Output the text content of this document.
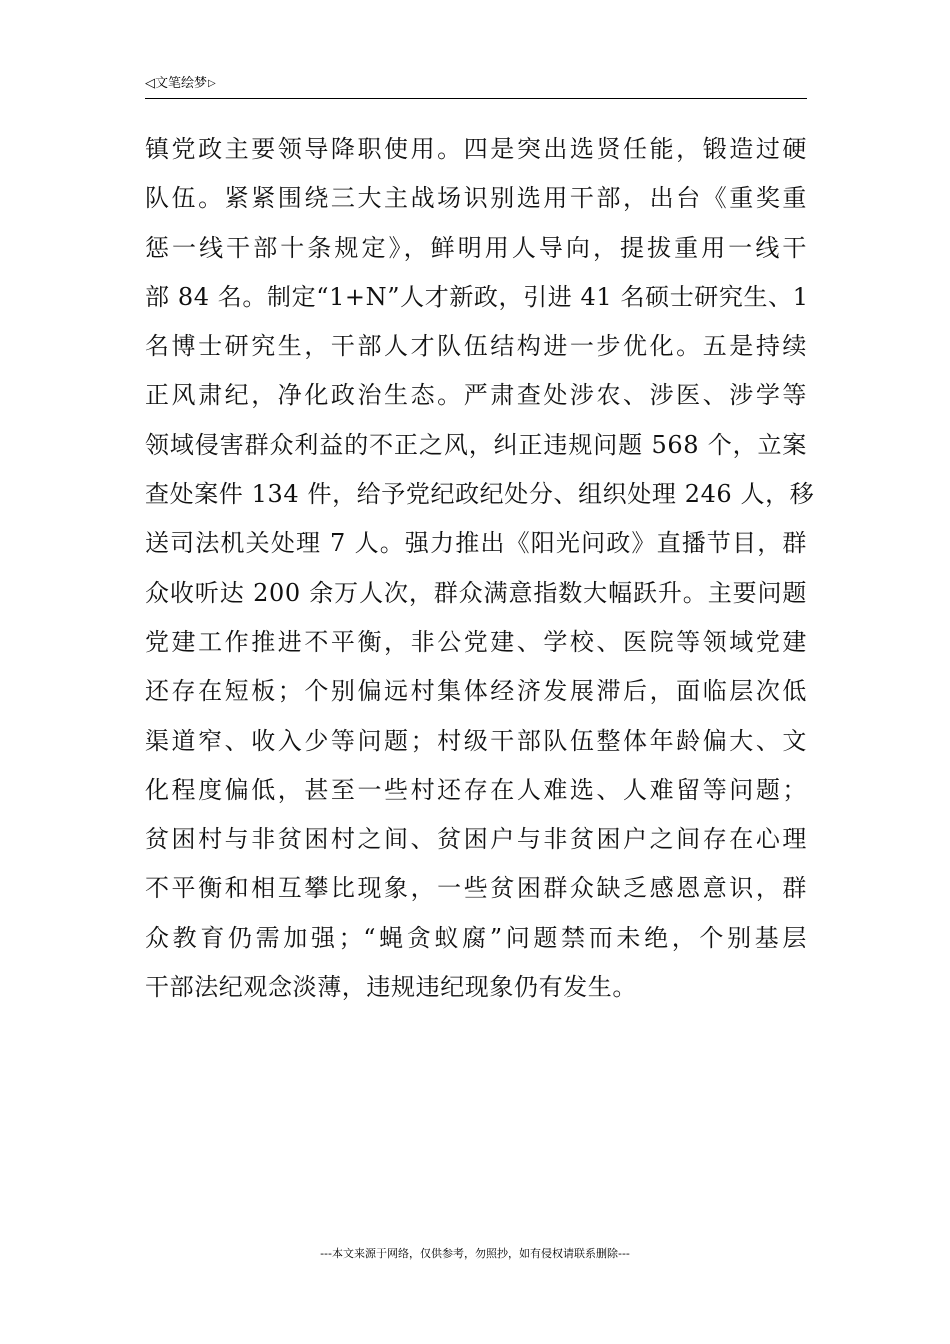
◁文笔绘梦▷
镇党政主要领导降职使用。四是突出选贤任能，锻造过硬
队伍。紧紧围绕三大主战场识别选用干部，出台《重奖重
惩一线干部十条规定》，鲜明用人导向，提拔重用一线干
部 84 名。制定“1+N”人才新政，引进 41 名硕士研究生、1
名博士研究生，干部人才队伍结构进一步优化。五是持续
正风肃纪，净化政治生态。严肃查处涉农、涉医、涉学等
领域侵害群众利益的不正之风，纠正违规问题 568 个，立案
查处案件 134 件，给予党纪政纪处分、组织处理 246 人，移
送司法机关处理 7 人。强力推出《阳光问政》直播节目，群
众收听达 200 余万人次，群众满意指数大幅跃升。主要问题
党建工作推进不平衡，非公党建、学校、医院等领域党建
还存在短板；个别偏远村集体经济发展滞后，面临层次低
渠道窄、收入少等问题；村级干部队伍整体年龄偏大、文
化程度偏低，甚至一些村还存在人难选、人难留等问题；
贫困村与非贫困村之间、贫困户与非贫困户之间存在心理
不平衡和相互攀比现象，一些贫困群众缺乏感恩意识，群
众教育仍需加强；“蝇贪蚁腐”问题禁而未绝，个别基层
干部法纪观念淡薄，违规违纪现象仍有发生。
---本文来源于网络，仅供参考，勿照抄，如有侵权请联系删除---
